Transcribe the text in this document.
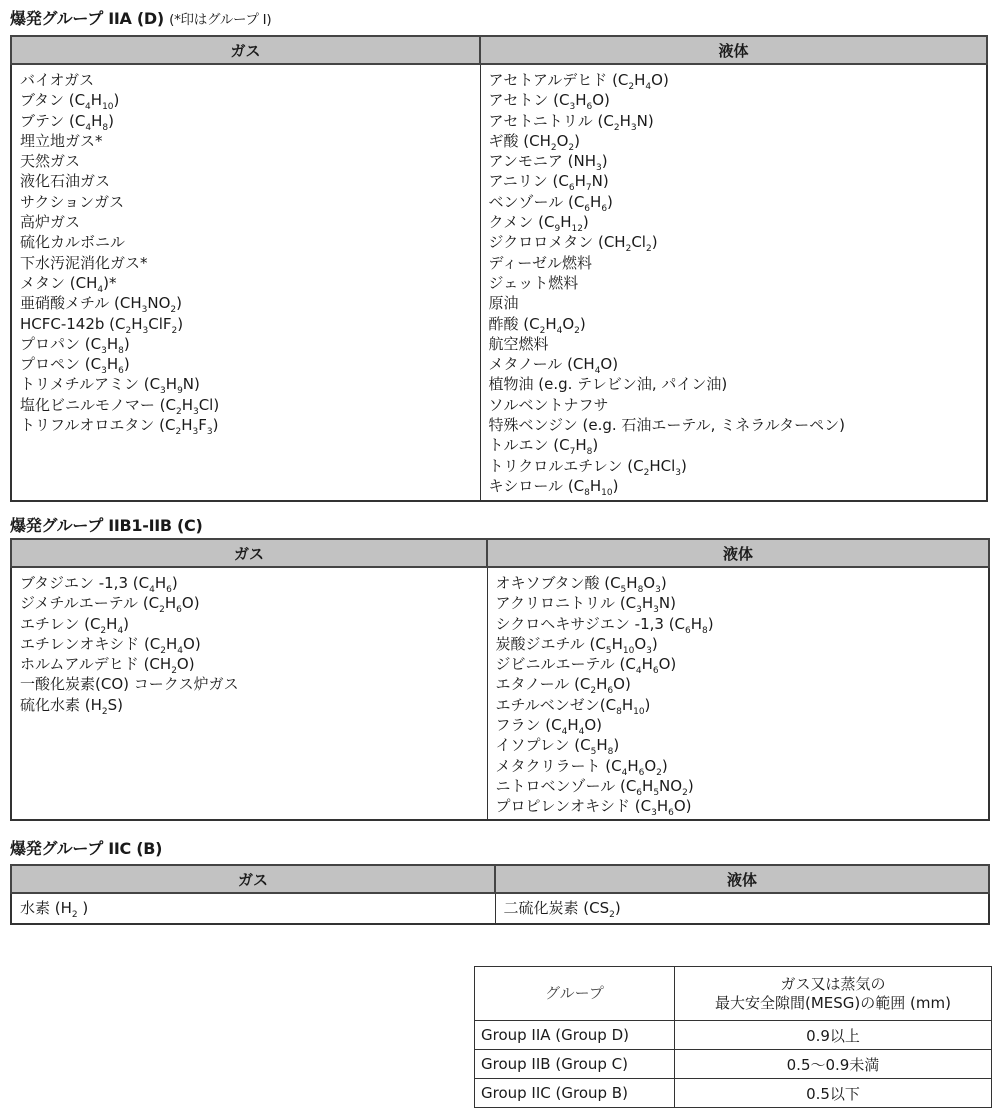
爆発グループ IIA (D) (*印はグループ I)
ガス	液体

バイオガス
ブタン $(C_4H_{10})$
ブテン $(C_4H_8)$
埋立地ガス*
天然ガス
液化石油ガス
サクションガス
高炉ガス
硫化カルボニル
下水汚泥消化ガス*
メタン $(CH_4)*$
亜硝酸メチル $(CH_3NO_2)$
HCFC-142b $(C_2H_3ClF_2)$
プロパン $(C_3H_8)$
プロペン $(C_3H_6)$
トリメチルアミン $(C_3H_9N)$
塩化ビニルモノマー $(C_2H_3Cl)$
トリフルオロエタン $(C_2H_3F_3)$

アセトアルデヒド $(C_2H_4O)$
アセトン $(C_3H_6O)$
アセトニトリル $(C_2H_3N)$
ギ酸 $(CH_2O_2)$
アンモニア $(NH_3)$
アニリン $(C_6H_7N)$
ベンゾール $(C_6H_6)$
クメン $(C_9H_{12})$
ジクロロメタン $(CH_2Cl_2)$
ディーゼル燃料
ジェット燃料
原油
酢酸 $(C_2H_4O_2)$
航空燃料
メタノール $(CH_4O)$
植物油 (e.g. テレビン油, パイン油)
ソルベントナフサ
特殊ベンジン (e.g. 石油エーテル, ミネラルターペン)
トルエン $(C_7H_8)$
トリクロルエチレン $(C_2HCl_3)$
キシロール $(C_8H_{10})$
爆発グループ IIB1-IIB (C)
ガス	液体

ブタジエン -1,3 $(C_4H_6)$
ジメチルエーテル $(C_2H_6O)$
エチレン $(C_2H_4)$
エチレンオキシド $(C_2H_4O)$
ホルムアルデヒド $(CH_2O)$
一酸化炭素(CO) コークス炉ガス
硫化水素 $(H_2S)$

オキソブタン酸 $(C_5H_8O_3)$
アクリロニトリル $(C_3H_3N)$
シクロヘキサジエン -1,3 $(C_6H_8)$
炭酸ジエチル $(C_5H_{10}O_3)$
ジビニルエーテル $(C_4H_6O)$
エタノール $(C_2H_6O)$
エチルベンゼン$(C_8H_{10})$
フラン $(C_4H_4O)$
イソプレン $(C_5H_8)$
メタクリラート $(C_4H_6O_2)$
ニトロベンゾール $(C_6H_5NO_2)$
プロピレンオキシド $(C_3H_6O)$
爆発グループ IIC (B)
ガス	液体

水素 ($H_2$ )	二硫化炭素 $(CS_2)$
グループ	ガス又は蒸気の
最大安全隙間(MESG)の範囲 (mm)
Group IIA (Group D)	0.9以上
Group IIB (Group C)	0.5〜0.9未満
Group IIC (Group B)	0.5以下
